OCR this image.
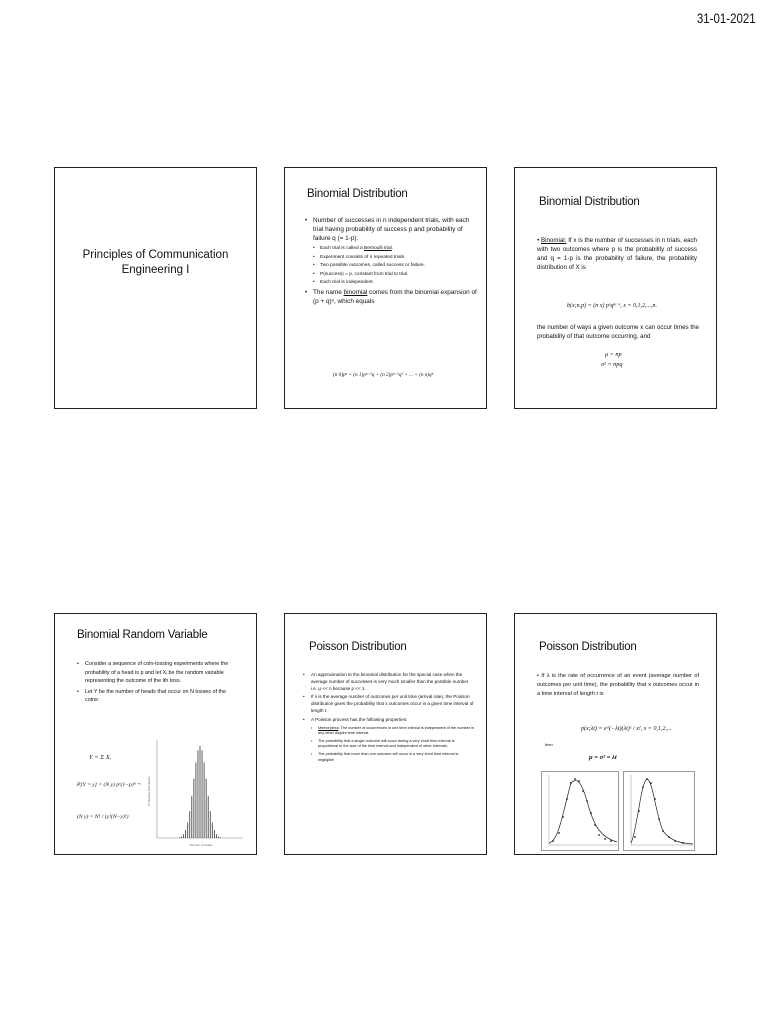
31-01-2021
Principles of Communication Engineering I
Binomial Distribution
• Number of successes in n independent trials, with each trial having probability of success p and probability of failure q (= 1-p).
• Each trial is called a Bernoulli trial.
• Experiment consists of n repeated trials.
• Two possible outcomes, called success or failure.
• P(success) = p, constant from trial to trial.
• Each trial is independent.
• The name binomial comes from the binomial expansion of (p + q)ⁿ, which equals
(n 0)pⁿ + (n 1)pⁿ⁻¹q + (n 2)pⁿ⁻²q² + ... + (n n)qⁿ
Binomial Distribution
• Binomial: If x is the number of successes in n trials, each with two outcomes where p is the probability of success and q = 1-p is the probability of failure, the probability distribution of X is
b(x;n,p) = (n x) pˣqⁿ⁻ˣ, x = 0,1,2,...,n.
the number of ways a given outcome x can occur times the probability of that outcome occurring, and
μ = np
σ² = npq
Binomial Random Variable
• Consider a sequence of coin-tossing experiments where the probability of a head is p and let Xᵢ be the random variable representing the outcome of the ith toss.
• Let Y be the number of heads that occur on N tosses of the coins:
Y = Σ Xᵢ
P[Y = y] = (N y) pʸ(1−p)ᴺ⁻ʸ
(N y) = N! / (y!(N−y)!)
Probability Distribution
Number of heads
Poisson Distribution
• An approximation to the binomial distribution for the special case when the average number of successes is very much smaller than the possible number i.e. μ << n because p << 1.
• If λ is the average number of outcomes per unit time (arrival rate), the Poisson distribution gives the probability that x outcomes occur in a given time interval of length t.
• A Poisson process has the following properties:
• Memoryless: The number of occurrences in one time interval is independent of the number in any other disjoint time interval.
• The probability that a single outcome will occur during a very short time interval is proportional to the size of the time interval and independent of other intervals.
• The probability that more than one outcome will occur in a very short time interval is negligible
Poisson Distribution
• If λ is the rate of occurrence of an event (average number of outcomes per unit time), the probability that x outcomes occur in a time interval of length t is
p(x;λt) = e^(−λt)(λt)ˣ / x!, x = 0,1,2,...
then
μ = σ² = λt
